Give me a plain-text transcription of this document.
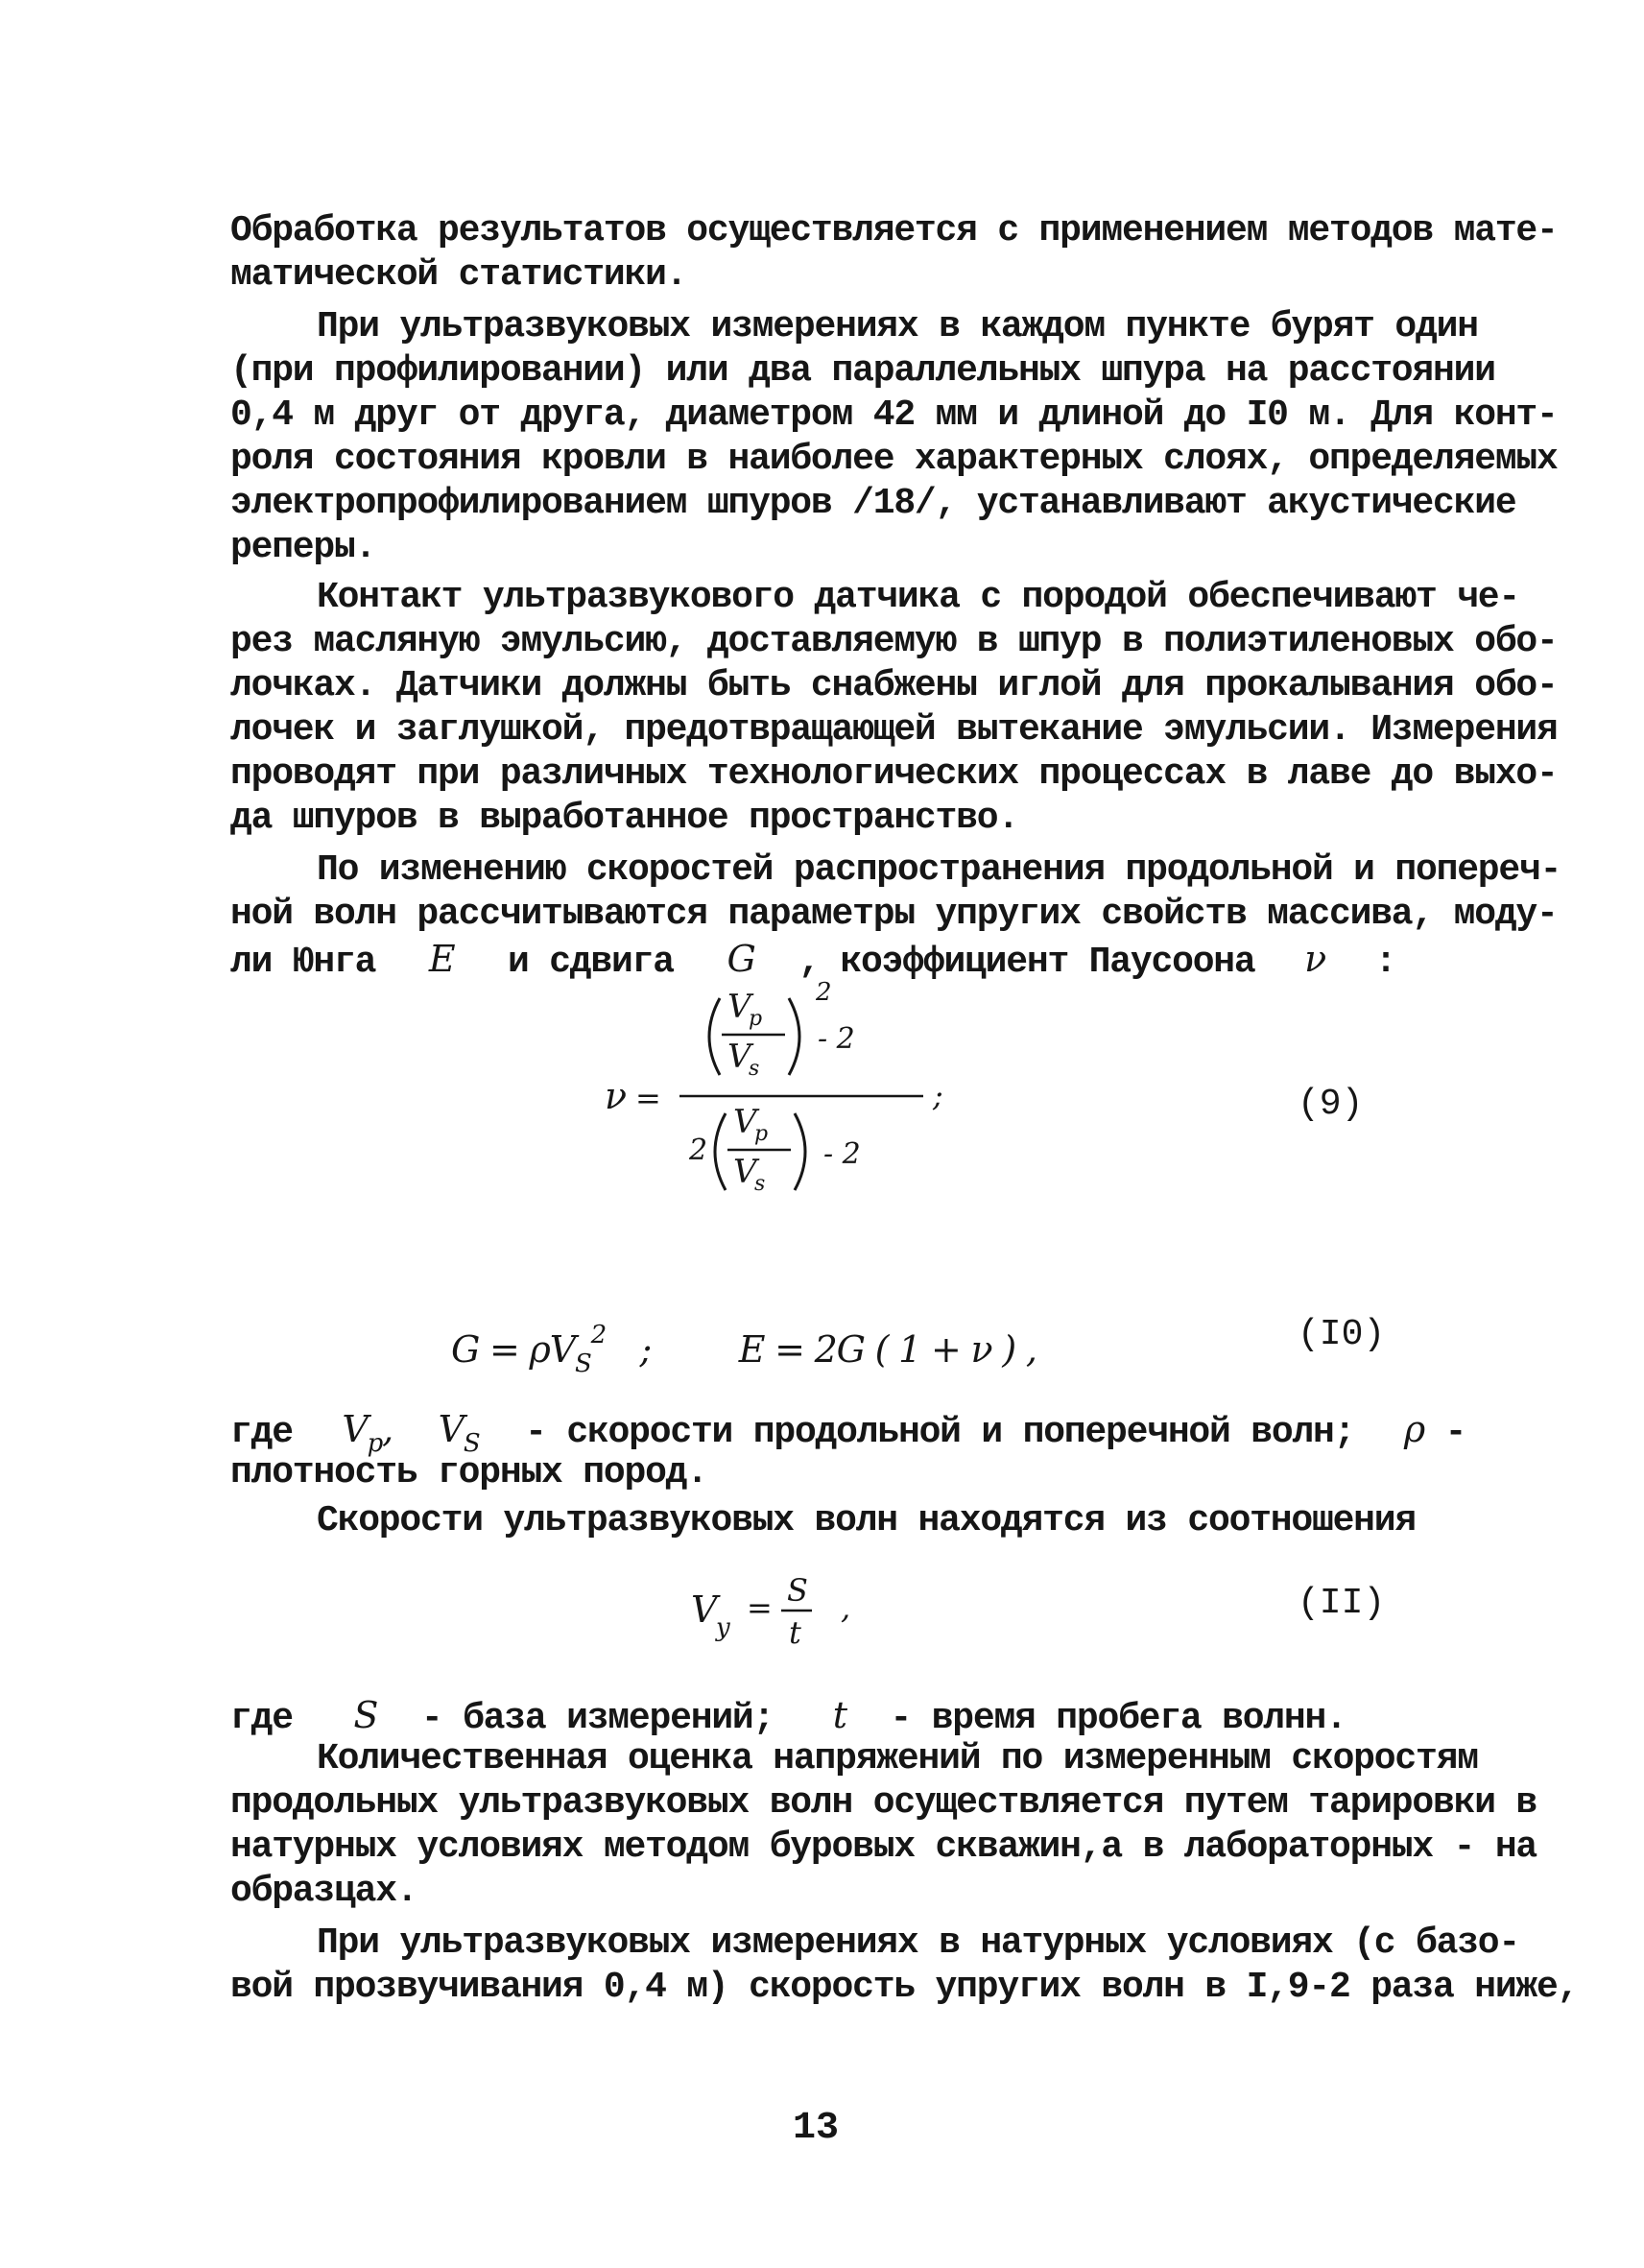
Обработка результатов осуществляется с применением методов мате-
матической статистики.
При ультразвуковых измерениях в каждом пункте бурят один
(при профилировании) или два параллельных шпура на расстоянии
0,4 м друг от друга, диаметром 42 мм и длиной до I0 м. Для конт-
роля состояния кровли в наиболее характерных слоях, определяемых
электропрофилированием шпуров /18/, устанавливают акустические
реперы.
Контакт ультразвукового датчика с породой обеспечивают че-
рез масляную эмульсию, доставляемую в шпур в полиэтиленовых обо-
лочках. Датчики должны быть снабжены иглой для прокалывания обо-
лочек и заглушкой, предотвращающей вытекание эмульсии. Измерения
проводят при различных технологических процессах в лаве до выхо-
да шпуров в выработанное пространство.
По изменению скоростей распространения продольной и попереч-
ной волн рассчитываются параметры упругих свойств массива, моду-
ли Юнга E и сдвига G , коэффициент Паусоона ν :
ν =
V
p
V
s
2
- 2
;
2
V
p
V
s
- 2
(9)
$G = \rho V_S^2$ ; E = 2G ( 1 + ν ) ,	(I0)
где $V_p$, $V_S$ - скорости продольной и поперечной волн; ρ -
плотность горных пород.
Скорости ультразвуковых волн находятся из соотношения
V
y
= S
t
,	(II)
где S - база измерений; t - время пробега волнн.
Количественная оценка напряжений по измеренным скоростям
продольных ультразвуковых волн осуществляется путем тарировки в
натурных условиях методом буровых скважин,а в лабораторных - на
образцах.
При ультразвуковых измерениях в натурных условиях (с базо-
вой прозвучивания 0,4 м) скорость упругих волн в I,9-2 раза ниже,
13
